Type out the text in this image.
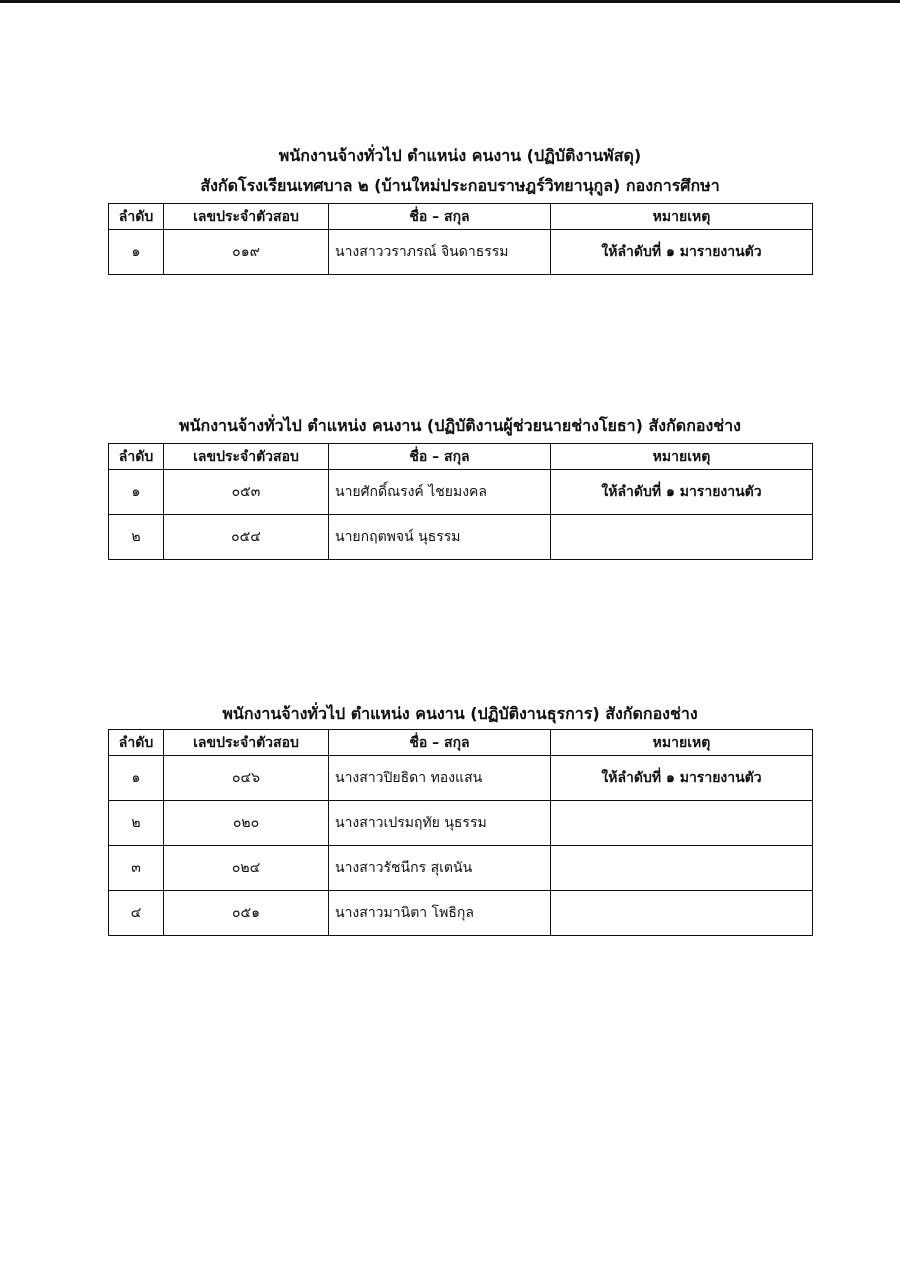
พนักงานจ้างทั่วไป ตำแหน่ง คนงาน (ปฏิบัติงานพัสดุ)
สังกัดโรงเรียนเทศบาล ๒ (บ้านใหม่ประกอบราษฎร์วิทยานุกูล) กองการศึกษา
ลำดับ	เลขประจำตัวสอบ	ชื่อ – สกุล	หมายเหตุ
๑	๐๑๙	นางสาววราภรณ์ จินดาธรรม	ให้ลำดับที่ ๑ มารายงานตัว
พนักงานจ้างทั่วไป ตำแหน่ง คนงาน (ปฏิบัติงานผู้ช่วยนายช่างโยธา) สังกัดกองช่าง
ลำดับ	เลขประจำตัวสอบ	ชื่อ – สกุล	หมายเหตุ
๑	๐๕๓	นายศักดิ์ณรงค์ ไชยมงคล	ให้ลำดับที่ ๑ มารายงานตัว
๒	๐๕๔	นายกฤตพจน์ นุธรรม	
พนักงานจ้างทั่วไป ตำแหน่ง คนงาน (ปฏิบัติงานธุรการ) สังกัดกองช่าง
ลำดับ	เลขประจำตัวสอบ	ชื่อ – สกุล	หมายเหตุ
๑	๐๔๖	นางสาวปิยธิดา ทองแสน	ให้ลำดับที่ ๑ มารายงานตัว
๒	๐๒๐	นางสาวเปรมฤทัย นุธรรม	
๓	๐๒๔	นางสาวรัชนีกร สุเตนัน	
๔	๐๕๑	นางสาวมานิตา โพธิกุล	
